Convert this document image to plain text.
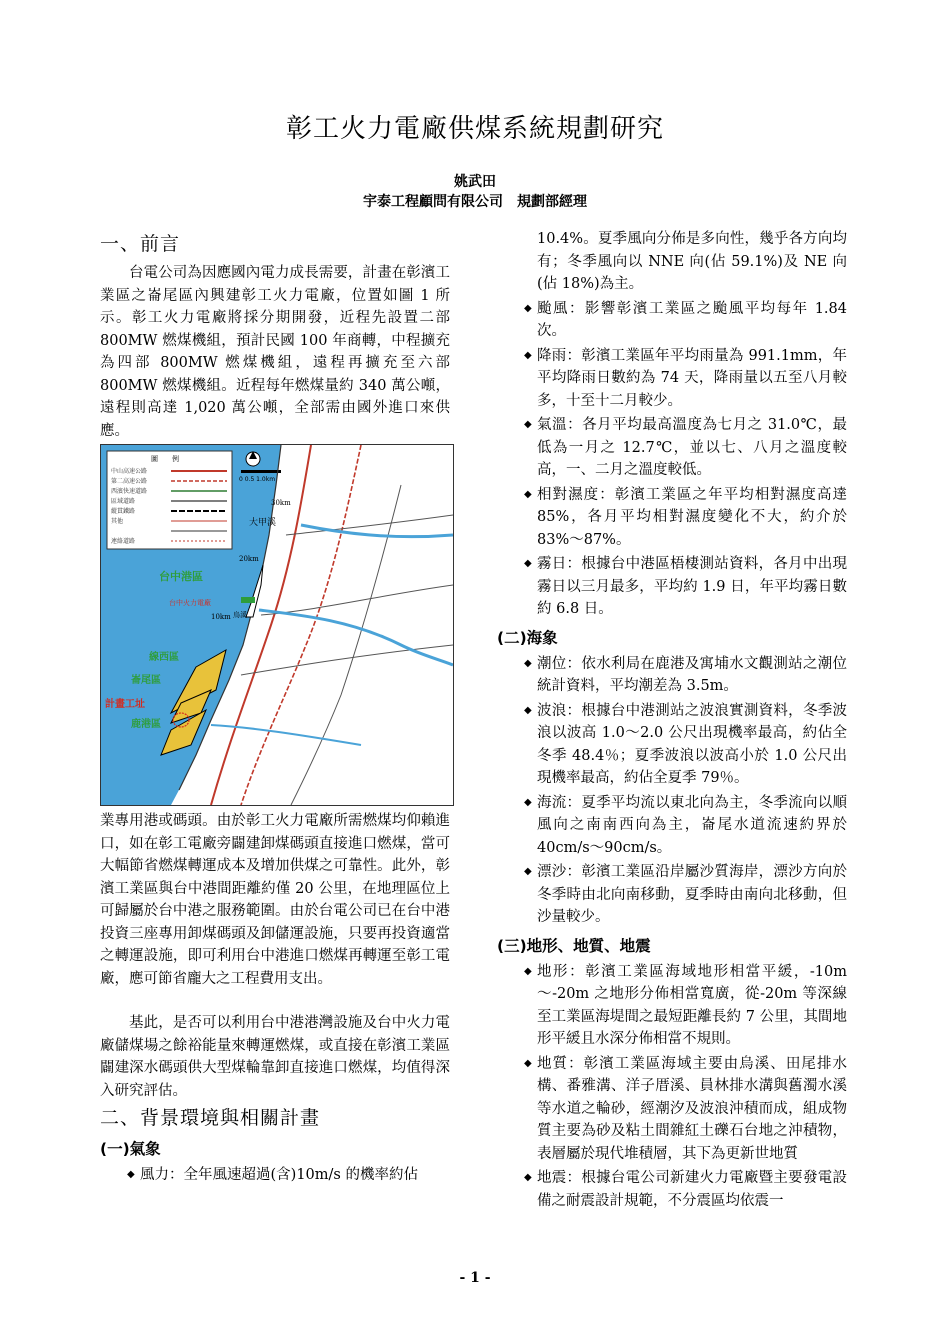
彰工火力電廠供煤系統規劃研究
姚武田
宇泰工程顧問有限公司　規劃部經理
一、前言

台電公司為因應國內電力成長需要，計畫在彰濱工業區之崙尾區內興建彰工火力電廠，位置如圖 1 所示。彰工火力電廠將採分期開發，近程先設置二部 800MW 燃煤機組，預計民國 100 年商轉，中程擴充為四部 800MW 燃煤機組，遠程再擴充至六部 800MW 燃煤機組。近程每年燃煤量約 340 萬公噸，遠程則高達 1,020 萬公噸，全部需由國外進口來供應。

圖　　例
中山高速公路
第二高速公路
西濱快速道路
區域道路
縱貫鐵路
其他
連絡道路
0 0.5 1.0km
30km
20km
10km
大甲溪
台中港區
台中火力電廠
烏溪
線西區
崙尾區
計畫工址
鹿港區

業專用港或碼頭。由於彰工火力電廠所需燃煤均仰賴進口，如在彰工電廠旁闢建卸煤碼頭直接進口燃煤，當可大幅節省燃煤轉運成本及增加供煤之可靠性。此外，彰濱工業區與台中港間距離約僅 20 公里，在地理區位上可歸屬於台中港之服務範圍。由於台電公司已在台中港投資三座專用卸煤碼頭及卸儲運設施，只要再投資適當之轉運設施，即可利用台中港進口燃煤再轉運至彰工電廠，應可節省龐大之工程費用支出。

基此，是否可以利用台中港港灣設施及台中火力電廠儲煤場之餘裕能量來轉運燃煤，或直接在彰濱工業區闢建深水碼頭供大型煤輪靠卸直接進口燃煤，均值得深入研究評估。

二、背景環境與相關計畫
(一)氣象
◆ 風力：全年風速超過(含)10m/s 的機率約佔
10.4%。夏季風向分佈是多向性，幾乎各方向均有；冬季風向以 NNE 向(佔 59.1%)及 NE 向(佔 18%)為主。
◆ 颱風：影響彰濱工業區之颱風平均每年 1.84 次。
◆ 降雨：彰濱工業區年平均雨量為 991.1mm，年平均降雨日數約為 74 天，降雨量以五至八月較多，十至十二月較少。
◆ 氣溫：各月平均最高溫度為七月之 31.0℃，最低為一月之 12.7℃，並以七、八月之溫度較高，一、二月之溫度較低。
◆ 相對濕度：彰濱工業區之年平均相對濕度高達 85%，各月平均相對濕度變化不大，約介於 83%～87%。
◆ 霧日：根據台中港區梧棲測站資料，各月中出現霧日以三月最多，平均約 1.9 日，年平均霧日數約 6.8 日。
(二)海象
◆ 潮位：依水利局在鹿港及寓埔水文觀測站之潮位統計資料，平均潮差為 3.5m。
◆ 波浪：根據台中港測站之波浪實測資料，冬季波浪以波高 1.0～2.0 公尺出現機率最高，約佔全冬季 48.4％；夏季波浪以波高小於 1.0 公尺出現機率最高，約佔全夏季 79％。
◆ 海流：夏季平均流以東北向為主，冬季流向以順風向之南南西向為主，崙尾水道流速約界於 40cm/s～90cm/s。
◆ 漂沙：彰濱工業區沿岸屬沙質海岸，漂沙方向於冬季時由北向南移動，夏季時由南向北移動，但沙量較少。
(三)地形、地質、地震
◆ 地形：彰濱工業區海域地形相當平緩，-10m～-20m 之地形分佈相當寬廣，從-20m 等深線至工業區海堤間之最短距離長約 7 公里，其間地形平緩且水深分佈相當不規則。
◆ 地質：彰濱工業區海域主要由烏溪、田尾排水構、番雅溝、洋子厝溪、員林排水溝與舊濁水溪等水道之輪砂，經潮汐及波浪沖積而成，組成物質主要為砂及粘土間雜紅土礫石台地之沖積物，表層屬於現代堆積層，其下為更新世地質
◆ 地震：根據台電公司新建火力電廠暨主要發電設備之耐震設計規範，不分震區均依震一
- 1 -
